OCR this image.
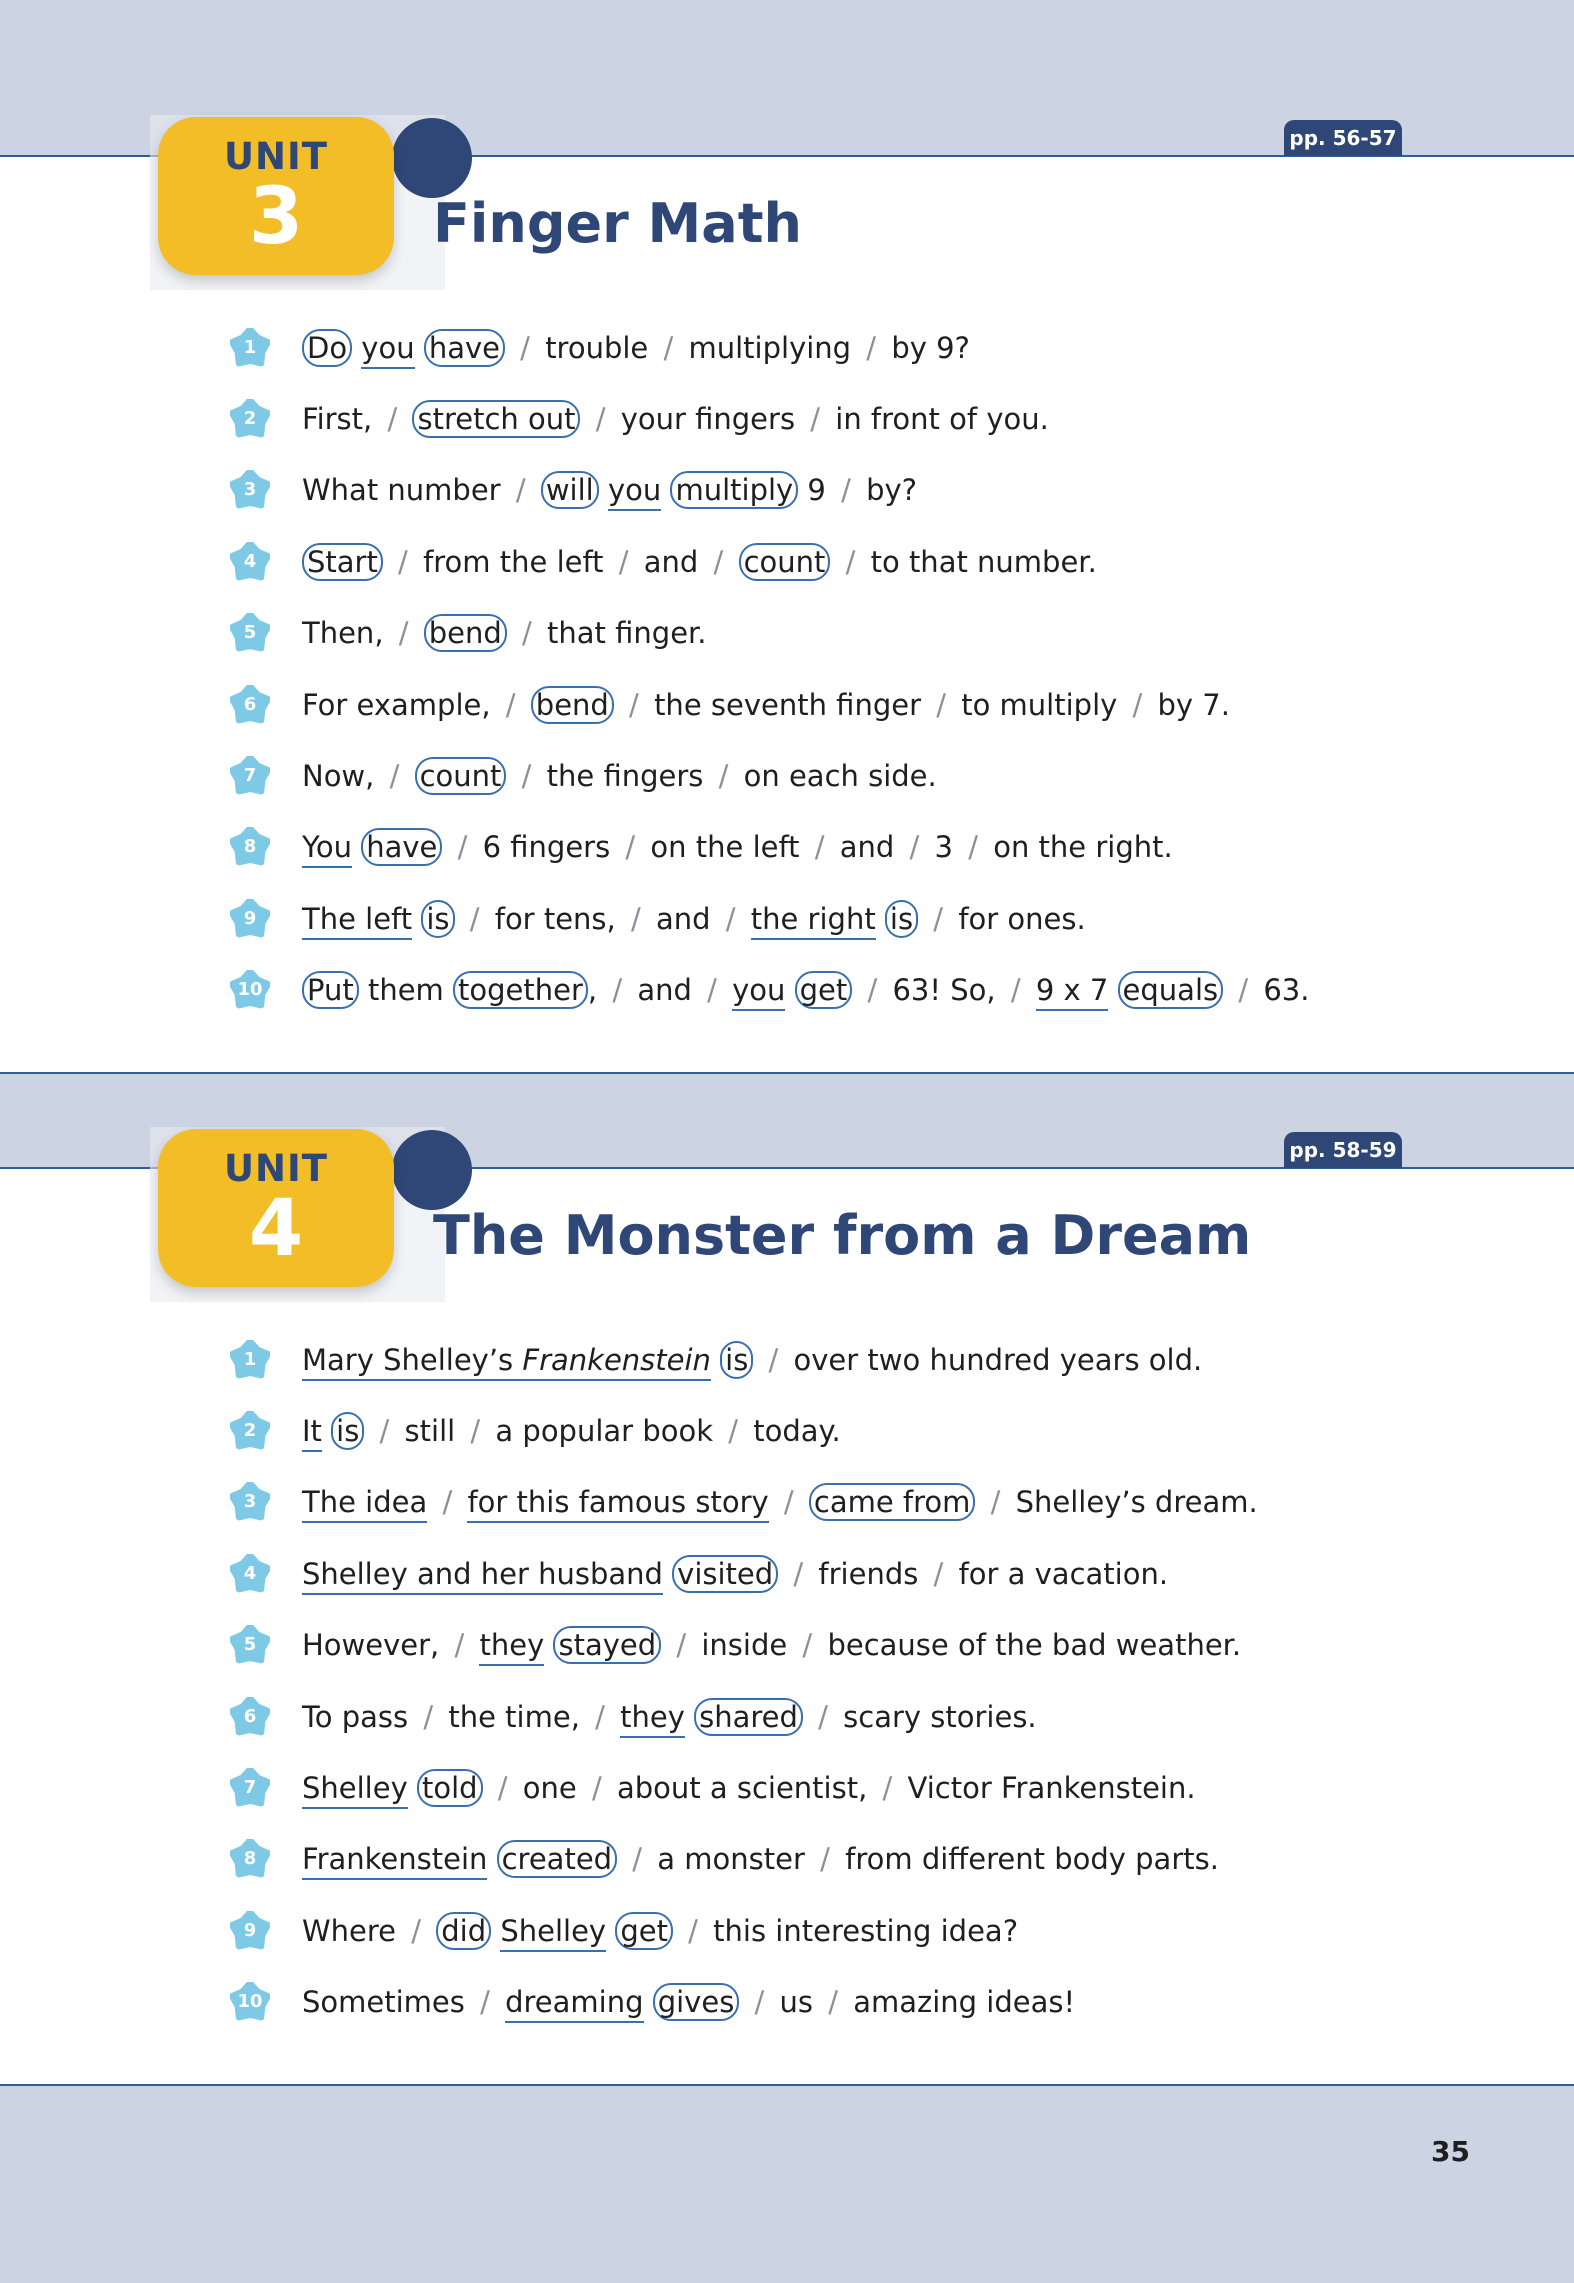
UNIT
3	Finger Math
pp. 56-57
1	Do you have / trouble / multiplying / by 9?
2	First, / stretch out / your fingers / in front of you.
3	What number / will you multiply 9 / by?
4	Start / from the left / and / count / to that number.
5	Then, / bend / that finger.
6	For example, / bend / the seventh finger / to multiply / by 7.
7	Now, / count / the fingers / on each side.
8	You have / 6 fingers / on the left / and / 3 / on the right.
9	The left is / for tens, / and / the right is / for ones.
10 Put them together , / and / you get / 63! So, / 9 x 7 equals / 63.
UNIT
4	The Monster from a Dream
pp. 58-59
1	Mary Shelley’s Frankenstein is / over two hundred years old.
2	It is / still / a popular book / today.
3	The idea / for this famous story / came from / Shelley’s dream.
4	Shelley and her husband visited / friends / for a vacation.
5	However, / they stayed / inside / because of the bad weather.
6	To pass / the time, / they shared / scary stories.
7	Shelley told / one / about a scientist, / Victor Frankenstein.
8	Frankenstein created / a monster / from different body parts.
9	Where / did Shelley get / this interesting idea?
10 Sometimes / dreaming gives / us / amazing ideas!
35
